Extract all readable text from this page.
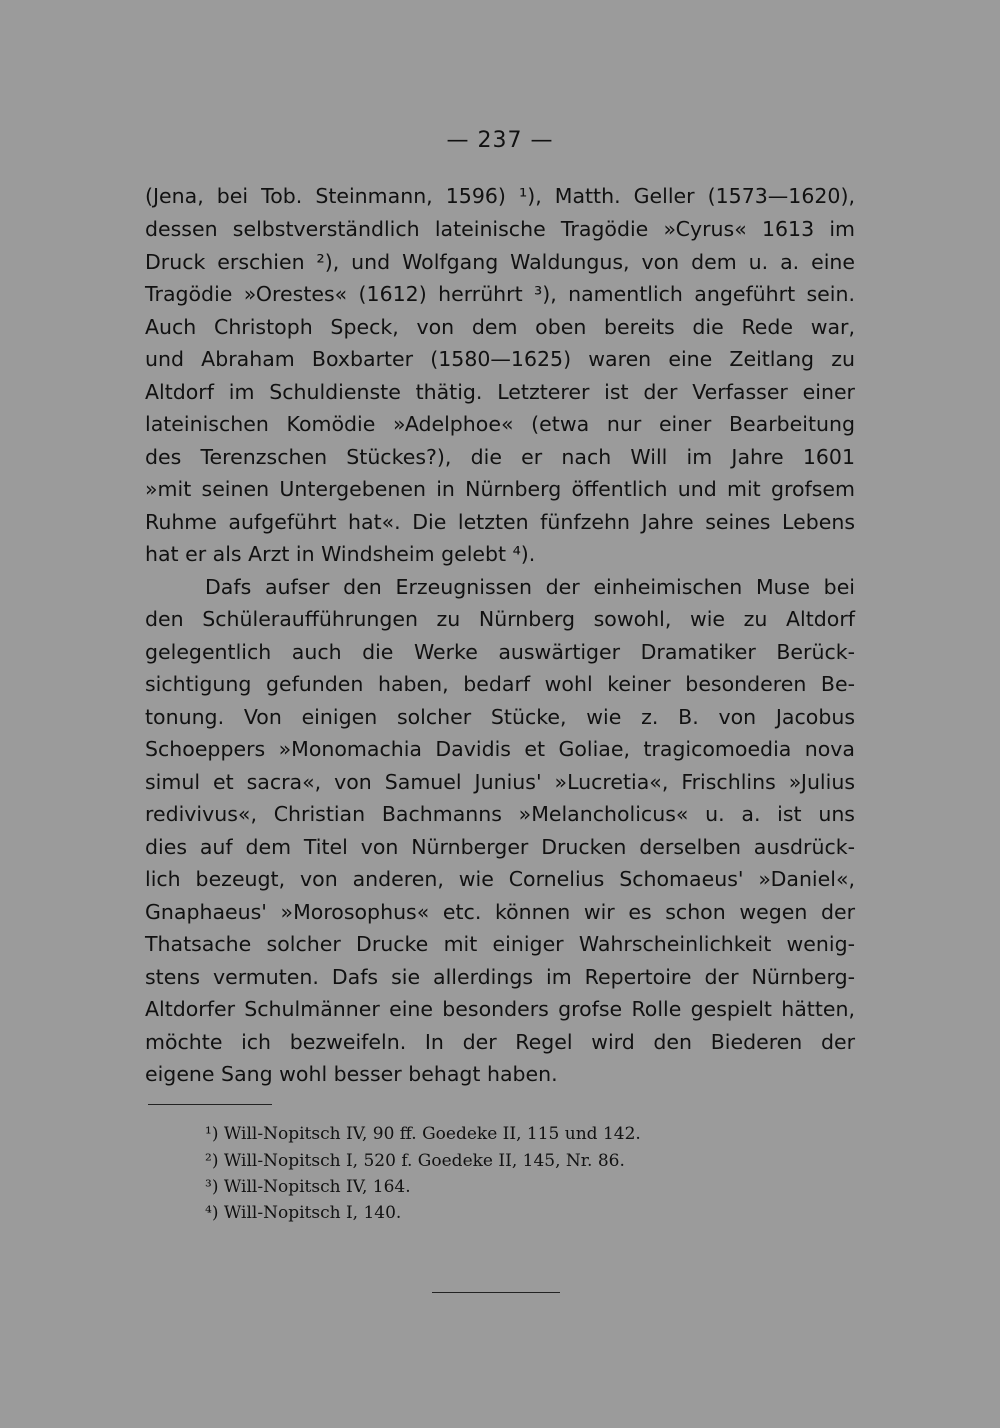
— 237 —
(Jena, bei Tob. Steinmann, 1596) ¹), Matth. Geller (1573—1620),
dessen selbstverständlich lateinische Tragödie »Cyrus« 1613 im
Druck erschien ²), und Wolfgang Waldungus, von dem u. a. eine
Tragödie »Orestes« (1612) herrührt ³), namentlich angeführt sein.
Auch Christoph Speck, von dem oben bereits die Rede war,
und Abraham Boxbarter (1580—1625) waren eine Zeitlang zu
Altdorf im Schuldienste thätig. Letzterer ist der Verfasser einer
lateinischen Komödie »Adelphoe« (etwa nur einer Bearbeitung
des Terenzschen Stückes?), die er nach Will im Jahre 1601
»mit seinen Untergebenen in Nürnberg öffentlich und mit grofsem
Ruhme aufgeführt hat«. Die letzten fünfzehn Jahre seines Lebens
hat er als Arzt in Windsheim gelebt ⁴).
Dafs aufser den Erzeugnissen der einheimischen Muse bei
den Schüleraufführungen zu Nürnberg sowohl, wie zu Altdorf
gelegentlich auch die Werke auswärtiger Dramatiker Berück-
sichtigung gefunden haben, bedarf wohl keiner besonderen Be-
tonung. Von einigen solcher Stücke, wie z. B. von Jacobus
Schoeppers »Monomachia Davidis et Goliae, tragicomoedia nova
simul et sacra«, von Samuel Junius' »Lucretia«, Frischlins »Julius
redivivus«, Christian Bachmanns »Melancholicus« u. a. ist uns
dies auf dem Titel von Nürnberger Drucken derselben ausdrück-
lich bezeugt, von anderen, wie Cornelius Schomaeus' »Daniel«,
Gnaphaeus' »Morosophus« etc. können wir es schon wegen der
Thatsache solcher Drucke mit einiger Wahrscheinlichkeit wenig-
stens vermuten. Dafs sie allerdings im Repertoire der Nürnberg-
Altdorfer Schulmänner eine besonders grofse Rolle gespielt hätten,
möchte ich bezweifeln. In der Regel wird den Biederen der
eigene Sang wohl besser behagt haben.
¹) Will-Nopitsch IV, 90 ff. Goedeke II, 115 und 142.
²) Will-Nopitsch I, 520 f. Goedeke II, 145, Nr. 86.
³) Will-Nopitsch IV, 164.
⁴) Will-Nopitsch I, 140.
